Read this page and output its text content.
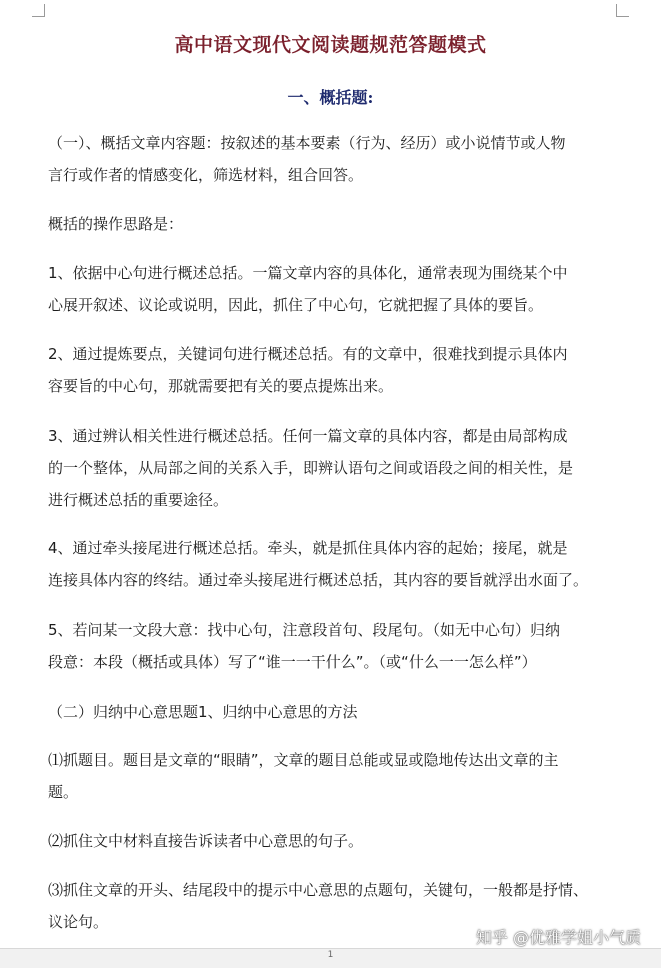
高中语文现代文阅读题规范答题模式
一、概括题:
（一）、概括文章内容题：按叙述的基本要素（行为、经历）或小说情节或人物
言行或作者的情感变化，筛选材料，组合回答。
概括的操作思路是：
1、依据中心句进行概述总括。一篇文章内容的具体化，通常表现为围绕某个中
心展开叙述、议论或说明，因此，抓住了中心句，它就把握了具体的要旨。
2、通过提炼要点，关键词句进行概述总括。有的文章中，很难找到提示具体内
容要旨的中心句，那就需要把有关的要点提炼出来。
3、通过辨认相关性进行概述总括。任何一篇文章的具体内容，都是由局部构成
的一个整体，从局部之间的关系入手，即辨认语句之间或语段之间的相关性，是
进行概述总括的重要途径。
4、通过牵头接尾进行概述总括。牵头，就是抓住具体内容的起始；接尾，就是
连接具体内容的终结。通过牵头接尾进行概述总括，其内容的要旨就浮出水面了。
5、若问某一文段大意：找中心句，注意段首句、段尾句。（如无中心句）归纳
段意：本段（概括或具体）写了“谁一一干什么”。（或“什么一一怎么样”）
（二）归纳中心意思题1、归纳中心意思的方法
⑴抓题目。题目是文章的“眼睛”，文章的题目总能或显或隐地传达出文章的主
题。
⑵抓住文中材料直接告诉读者中心意思的句子。
⑶抓住文章的开头、结尾段中的提示中心意思的点题句，关键句，一般都是抒情、
议论句。
1
知乎 @优雅学姐小气质
